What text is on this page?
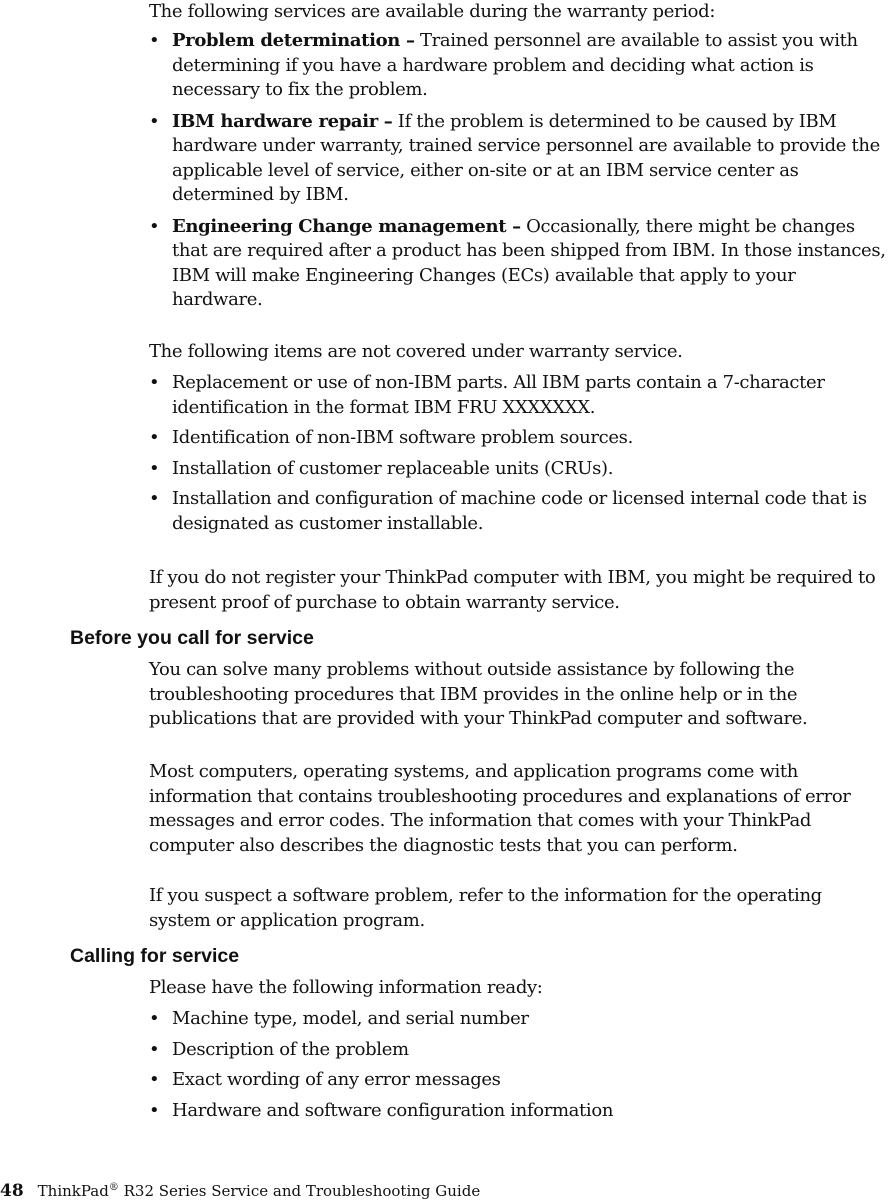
The following services are available during the warranty period:

• Problem determination – Trained personnel are available to assist you with determining if you have a hardware problem and deciding what action is necessary to fix the problem.
• IBM hardware repair – If the problem is determined to be caused by IBM hardware under warranty, trained service personnel are available to provide the applicable level of service, either on-site or at an IBM service center as determined by IBM.
• Engineering Change management – Occasionally, there might be changes that are required after a product has been shipped from IBM. In those instances, IBM will make Engineering Changes (ECs) available that apply to your hardware.

The following items are not covered under warranty service.

• Replacement or use of non-IBM parts. All IBM parts contain a 7-character identification in the format IBM FRU XXXXXXX.
• Identification of non-IBM software problem sources.
• Installation of customer replaceable units (CRUs).
• Installation and configuration of machine code or licensed internal code that is designated as customer installable.

If you do not register your ThinkPad computer with IBM, you might be required to present proof of purchase to obtain warranty service.

Before you call for service

You can solve many problems without outside assistance by following the troubleshooting procedures that IBM provides in the online help or in the publications that are provided with your ThinkPad computer and software.

Most computers, operating systems, and application programs come with information that contains troubleshooting procedures and explanations of error messages and error codes. The information that comes with your ThinkPad computer also describes the diagnostic tests that you can perform.

If you suspect a software problem, refer to the information for the operating system or application program.

Calling for service

Please have the following information ready:

• Machine type, model, and serial number
• Description of the problem
• Exact wording of any error messages
• Hardware and software configuration information
48 ThinkPad® R32 Series Service and Troubleshooting Guide
